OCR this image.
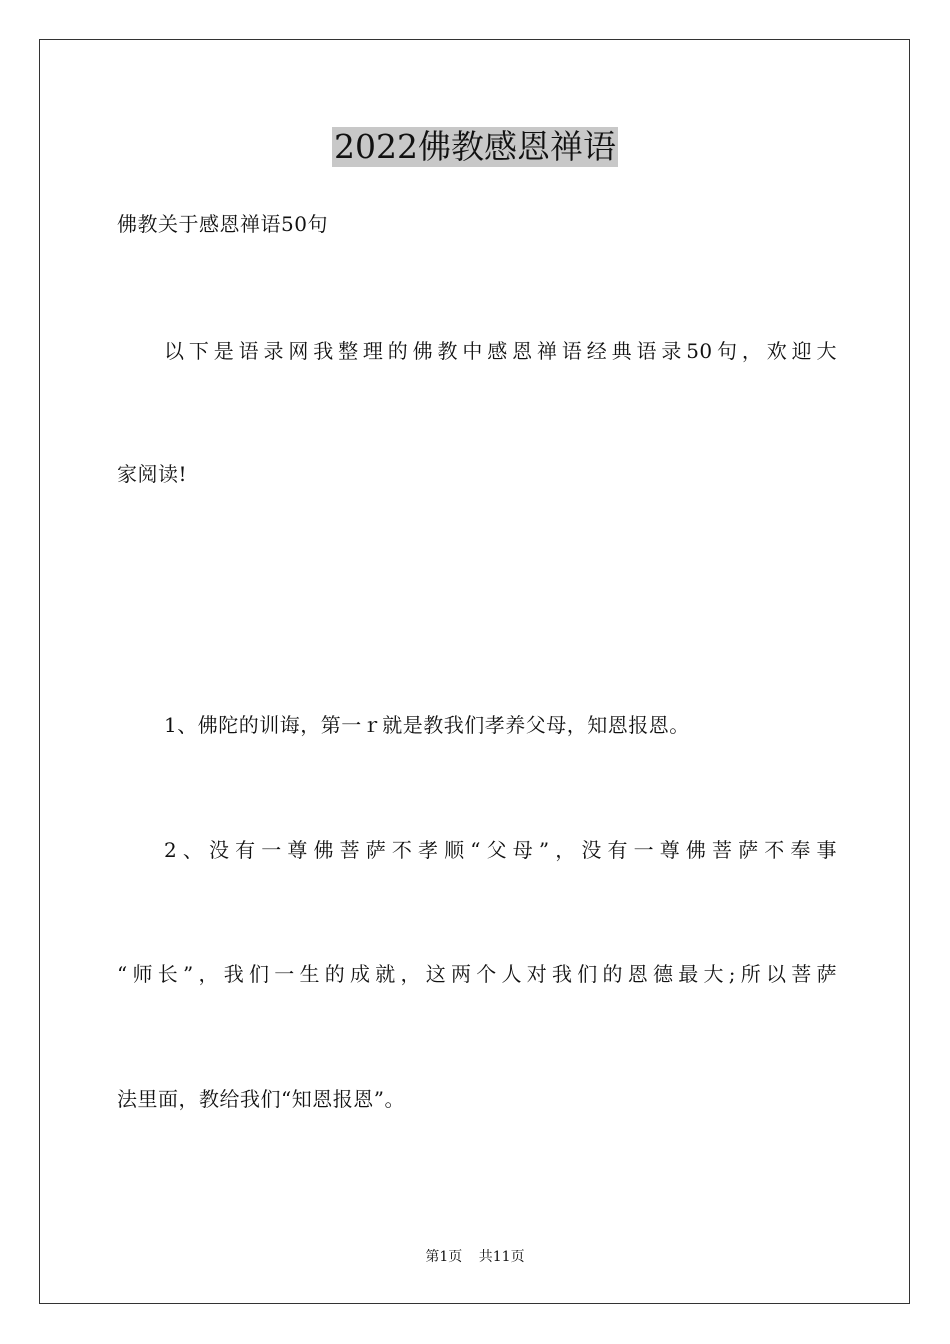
2022佛教感恩禅语
佛教关于感恩禅语50句
以下是语录网我整理的佛教中感恩禅语经典语录50句，欢迎大
家阅读!
1、佛陀的训诲，第一ｒ就是教我们孝养父母，知恩报恩。
2、没有一尊佛菩萨不孝顺“父母”，没有一尊佛菩萨不奉事
“师长”，我们一生的成就，这两个人对我们的恩德最大;所以菩萨
法里面，教给我们“知恩报恩”。
第1页 共11页
